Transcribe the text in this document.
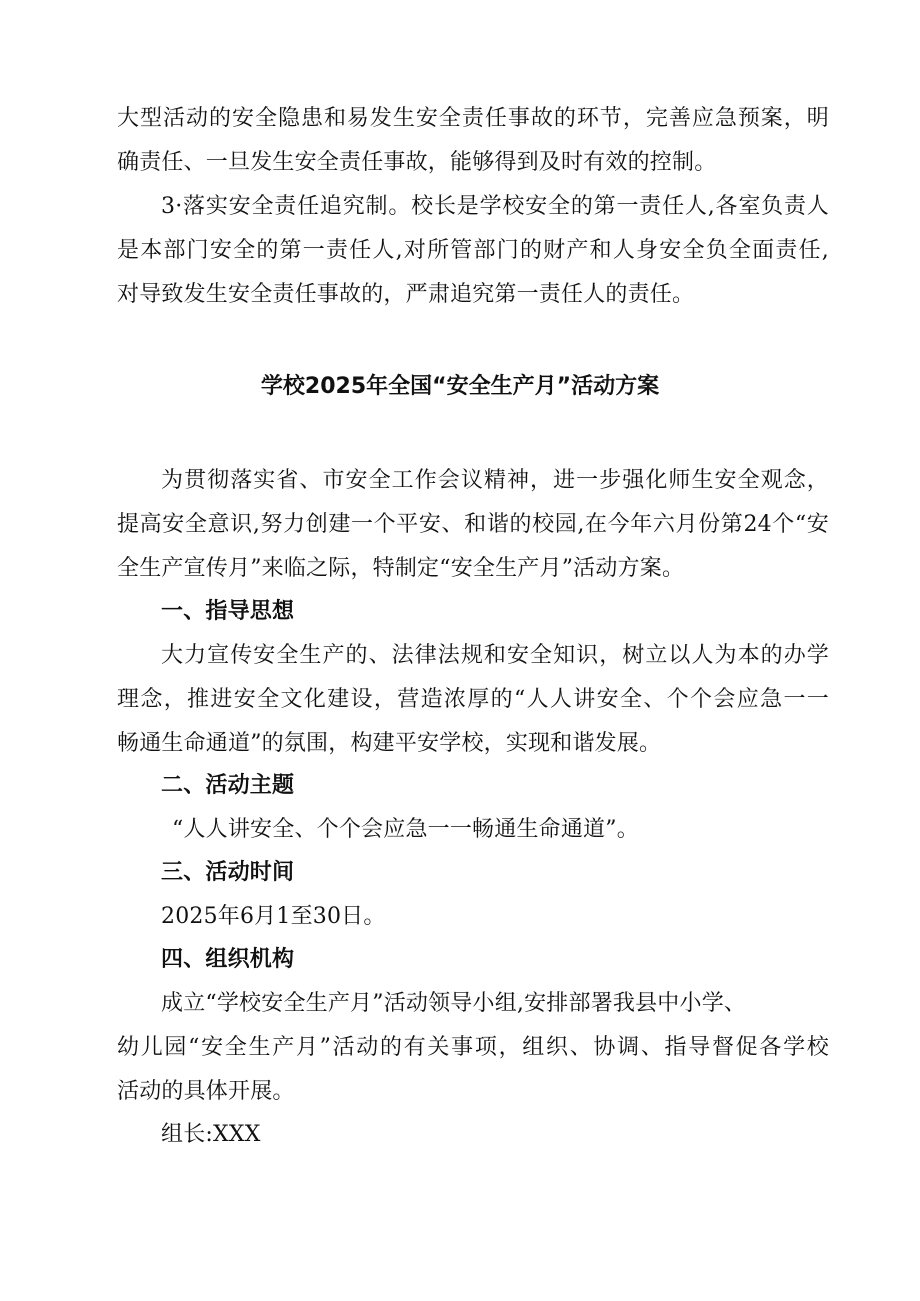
大型活动的安全隐患和易发生安全责任事故的环节，完善应急预案，明
确责任、一旦发生安全责任事故，能够得到及时有效的控制。
3·落实安全责任追究制。校长是学校安全的第一责任人,各室负责人
是本部门安全的第一责任人,对所管部门的财产和人身安全负全面责任,
对导致发生安全责任事故的，严肃追究第一责任人的责任。
学校2025年全国“安全生产月”活动方案
为贯彻落实省、市安全工作会议精神，进一步强化师生安全观念，
提高安全意识,努力创建一个平安、和谐的校园,在今年六月份第24个“安
全生产宣传月”来临之际，特制定“安全生产月”活动方案。
一、指导思想
大力宣传安全生产的、法律法规和安全知识，树立以人为本的办学
理念，推进安全文化建设，营造浓厚的“人人讲安全、个个会应急一一
畅通生命通道”的氛围，构建平安学校，实现和谐发展。
二、活动主题
“人人讲安全、个个会应急一一畅通生命通道”。
三、活动时间
2025年6月1至30日。
四、组织机构
成立“学校安全生产月”活动领导小组,安排部署我县中小学、
幼儿园“安全生产月”活动的有关事项，组织、协调、指导督促各学校
活动的具体开展。
组长:XXX
